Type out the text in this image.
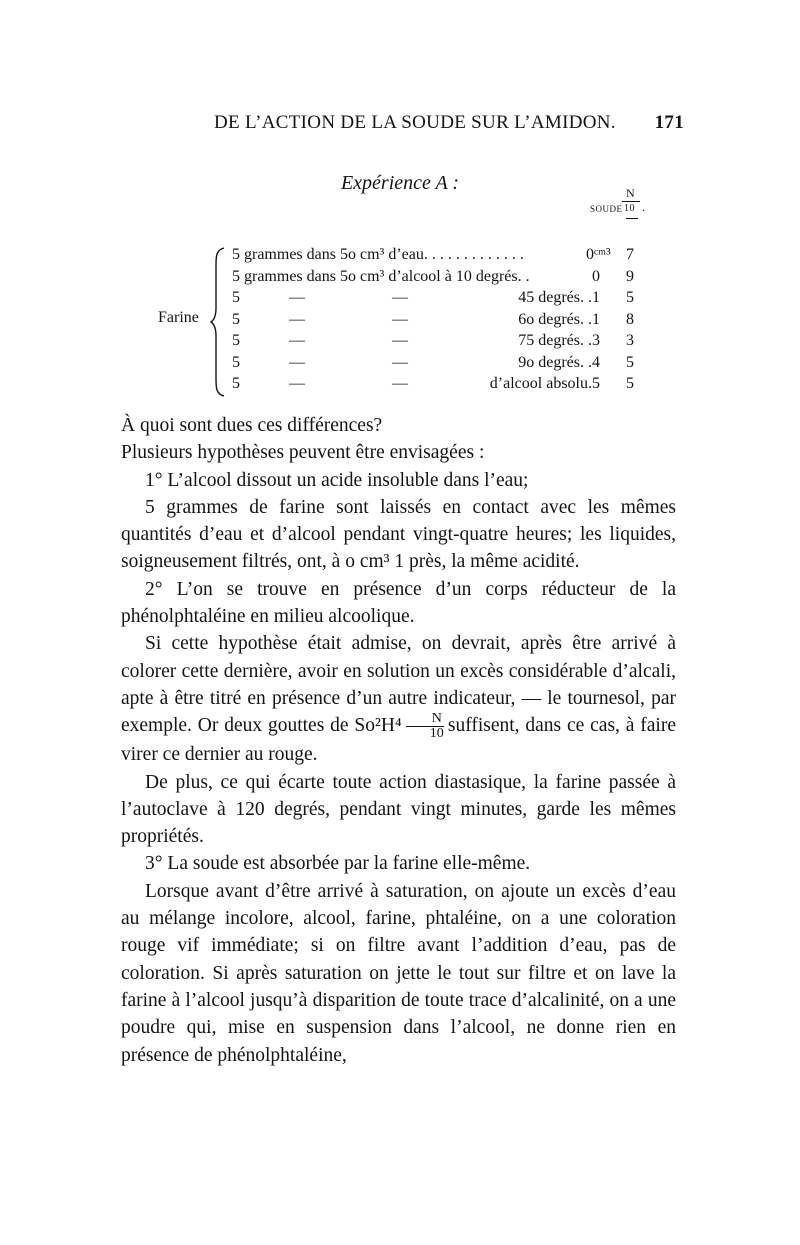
DE L’ACTION DE LA SOUDE SUR L’AMIDON. 171
Expérience A :
SOUDE
N
10 .
Farine
5 grammes dans 5o cm³ d’eau. . . . . . . . . . . . .	0ᶜᵐ³ 7
5 grammes dans 5o cm³ d’alcool à 10 degrés. .	0	9
5	—	—	45 degrés. . 1	5
5	—	—	6o degrés. . 1	8
5	—	—	75 degrés. . 3	3
5	—	—	9o degrés. . 4	5
5	—	—	d’alcool absolu. 5	5

À quoi sont dues ces différences?

Plusieurs hypothèses peuvent être envisagées :

1° L’alcool dissout un acide insoluble dans l’eau;

5 grammes de farine sont laissés en contact avec les mêmes quantités d’eau et d’alcool pendant vingt-quatre heures; les liquides, soigneusement filtrés, ont, à o cm³ 1 près, la même acidité.

2° L’on se trouve en présence d’un corps réducteur de la phénolphtaléine en milieu alcoolique.

Si cette hypothèse était admise, on devrait, après être arrivé à colorer cette dernière, avoir en solution un excès considérable d’alcali, apte à être titré en présence d’un autre indicateur, — le tournesol, par exemple. Or deux gouttes de $So^2H^4 \frac{N}{10}$ suffisent, dans ce cas, à faire virer ce dernier au rouge.

De plus, ce qui écarte toute action diastasique, la farine passée à l’autoclave à 120 degrés, pendant vingt minutes, garde les mêmes propriétés.

3° La soude est absorbée par la farine elle-même.

Lorsque avant d’être arrivé à saturation, on ajoute un excès d’eau au mélange incolore, alcool, farine, phtaléine, on a une coloration rouge vif immédiate; si on filtre avant l’addition d’eau, pas de coloration. Si après saturation on jette le tout sur filtre et on lave la farine à l’alcool jusqu’à disparition de toute trace d’alcalinité, on a une poudre qui, mise en suspension dans l’alcool, ne donne rien en présence de phénolphtaléine,
